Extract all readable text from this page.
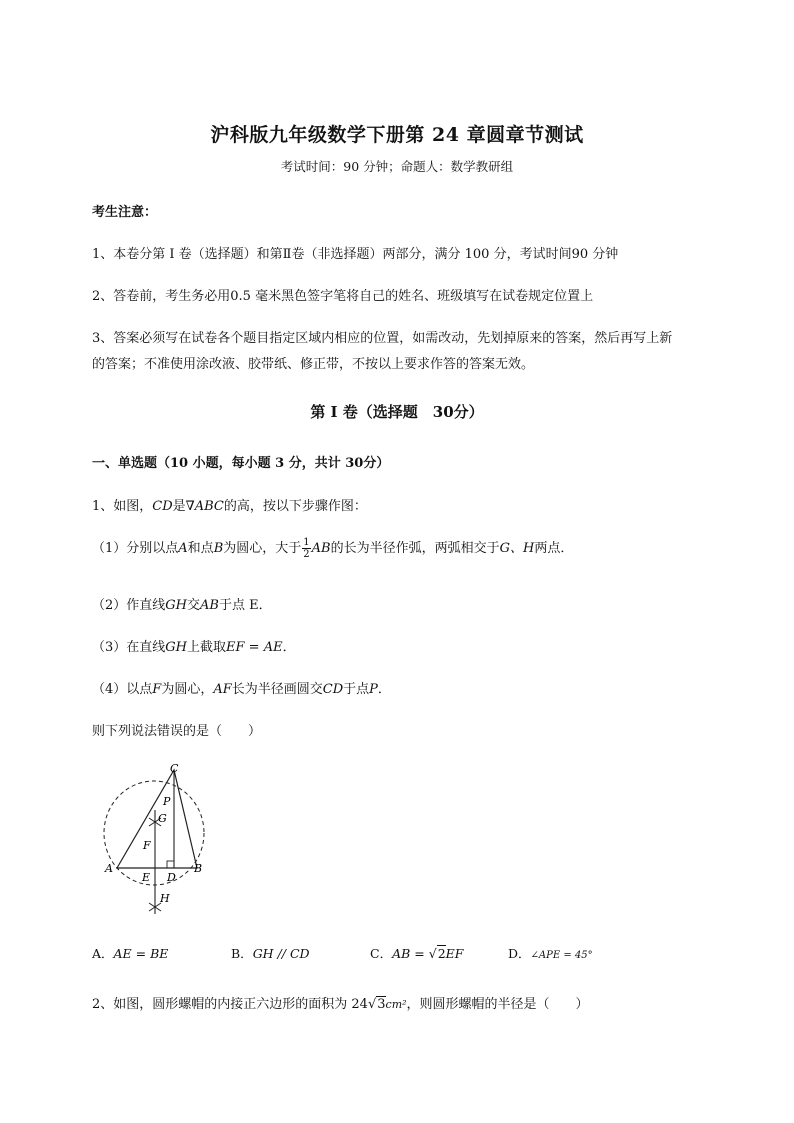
沪科版九年级数学下册第 24 章圆章节测试
考试时间：90 分钟；命题人：数学教研组
考生注意：
1、本卷分第 I 卷（选择题）和第Ⅱ卷（非选择题）两部分，满分 100 分，考试时间90 分钟
2、答卷前，考生务必用0.5 毫米黑色签字笔将自己的姓名、班级填写在试卷规定位置上
3、答案必须写在试卷各个题目指定区域内相应的位置，如需改动，先划掉原来的答案，然后再写上新
的答案；不准使用涂改液、胶带纸、修正带，不按以上要求作答的答案无效。
第 I 卷（选择题　30分）
一、单选题（10 小题，每小题 3 分，共计 30分）
1、如图，CD是∇ABC的高，按以下步骤作图：
（1）分别以点A和点B为圆心，大于 $\frac{1}{2}$ AB的长为半径作弧，两弧相交于G、H两点．
（2）作直线GH交AB于点 E．
（3）在直线GH上截取EF = AE．
（4）以点F为圆心，AF长为半径画圆交CD于点P．
则下列说法错误的是（　　）
C
P
G
F
A
E D
B
H
A．AE = BE	B．GH // CD	C．AB = √2EF	D．∠APE = 45°
2、如图，圆形螺帽的内接正六边形的面积为 24√3cm²，则圆形螺帽的半径是（　　）
